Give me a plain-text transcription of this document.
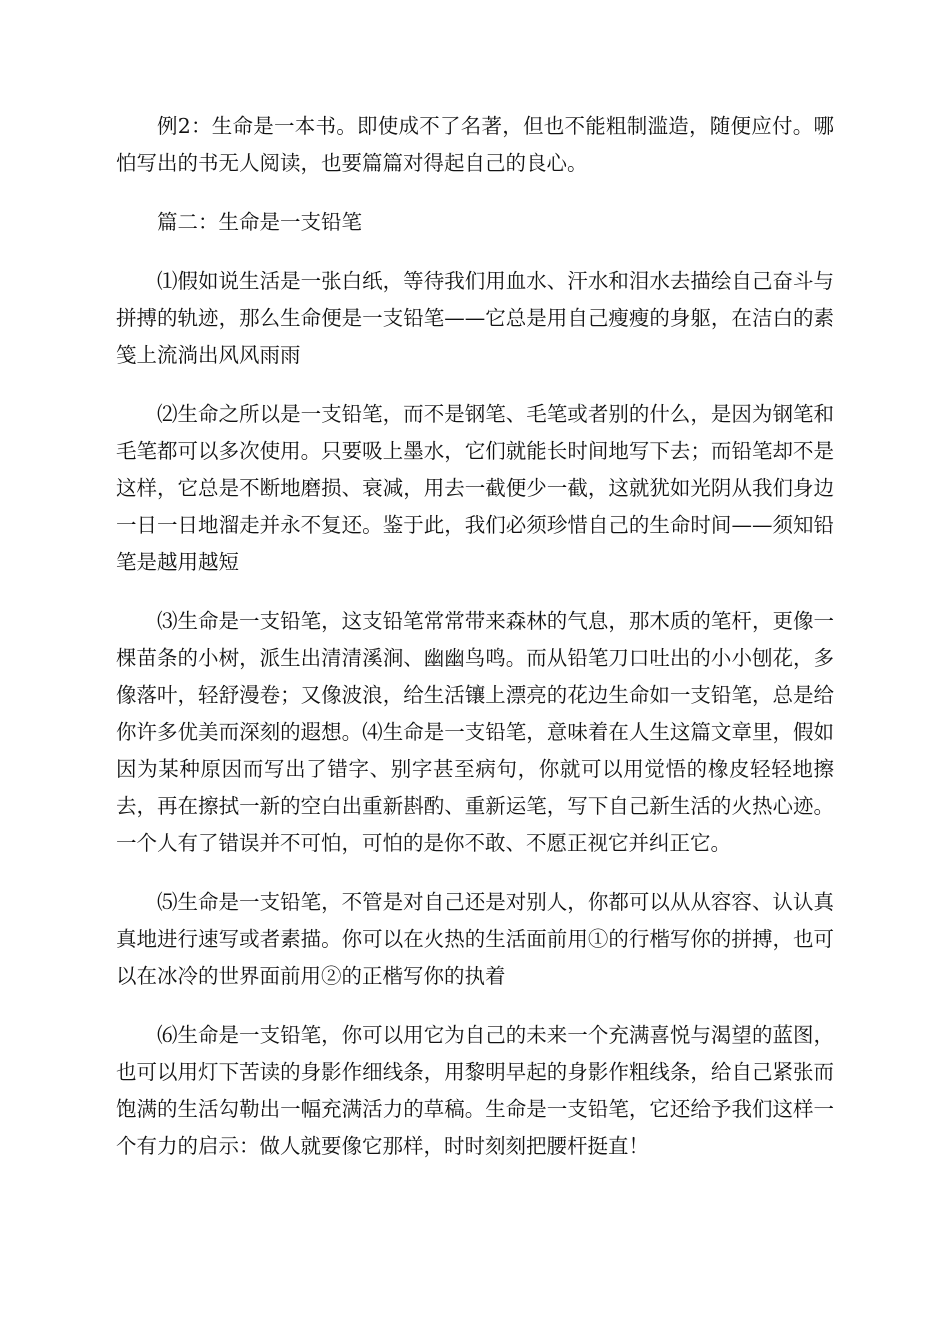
例2：生命是一本书。即使成不了名著，但也不能粗制滥造，随便应付。哪怕写出的书无人阅读，也要篇篇对得起自己的良心。

篇二：生命是一支铅笔

⑴假如说生活是一张白纸，等待我们用血水、汗水和泪水去描绘自己奋斗与拼搏的轨迹，那么生命便是一支铅笔——它总是用自己瘦瘦的身躯，在洁白的素笺上流淌出风风雨雨

⑵生命之所以是一支铅笔，而不是钢笔、毛笔或者别的什么，是因为钢笔和毛笔都可以多次使用。只要吸上墨水，它们就能长时间地写下去；而铅笔却不是这样，它总是不断地磨损、衰减，用去一截便少一截，这就犹如光阴从我们身边一日一日地溜走并永不复还。鉴于此，我们必须珍惜自己的生命时间——须知铅笔是越用越短

⑶生命是一支铅笔，这支铅笔常常带来森林的气息，那木质的笔杆，更像一棵苗条的小树，派生出清清溪涧、幽幽鸟鸣。而从铅笔刀口吐出的小小刨花，多像落叶，轻舒漫卷；又像波浪，给生活镶上漂亮的花边生命如一支铅笔，总是给你许多优美而深刻的遐想。⑷生命是一支铅笔，意味着在人生这篇文章里，假如因为某种原因而写出了错字、别字甚至病句，你就可以用觉悟的橡皮轻轻地擦去，再在擦拭一新的空白出重新斟酌、重新运笔，写下自己新生活的火热心迹。一个人有了错误并不可怕，可怕的是你不敢、不愿正视它并纠正它。

⑸生命是一支铅笔，不管是对自己还是对别人，你都可以从从容容、认认真真地进行速写或者素描。你可以在火热的生活面前用①的行楷写你的拼搏，也可以在冰冷的世界面前用②的正楷写你的执着

⑹生命是一支铅笔，你可以用它为自己的未来一个充满喜悦与渴望的蓝图，也可以用灯下苦读的身影作细线条，用黎明早起的身影作粗线条，给自己紧张而饱满的生活勾勒出一幅充满活力的草稿。生命是一支铅笔，它还给予我们这样一个有力的启示：做人就要像它那样，时时刻刻把腰杆挺直！
